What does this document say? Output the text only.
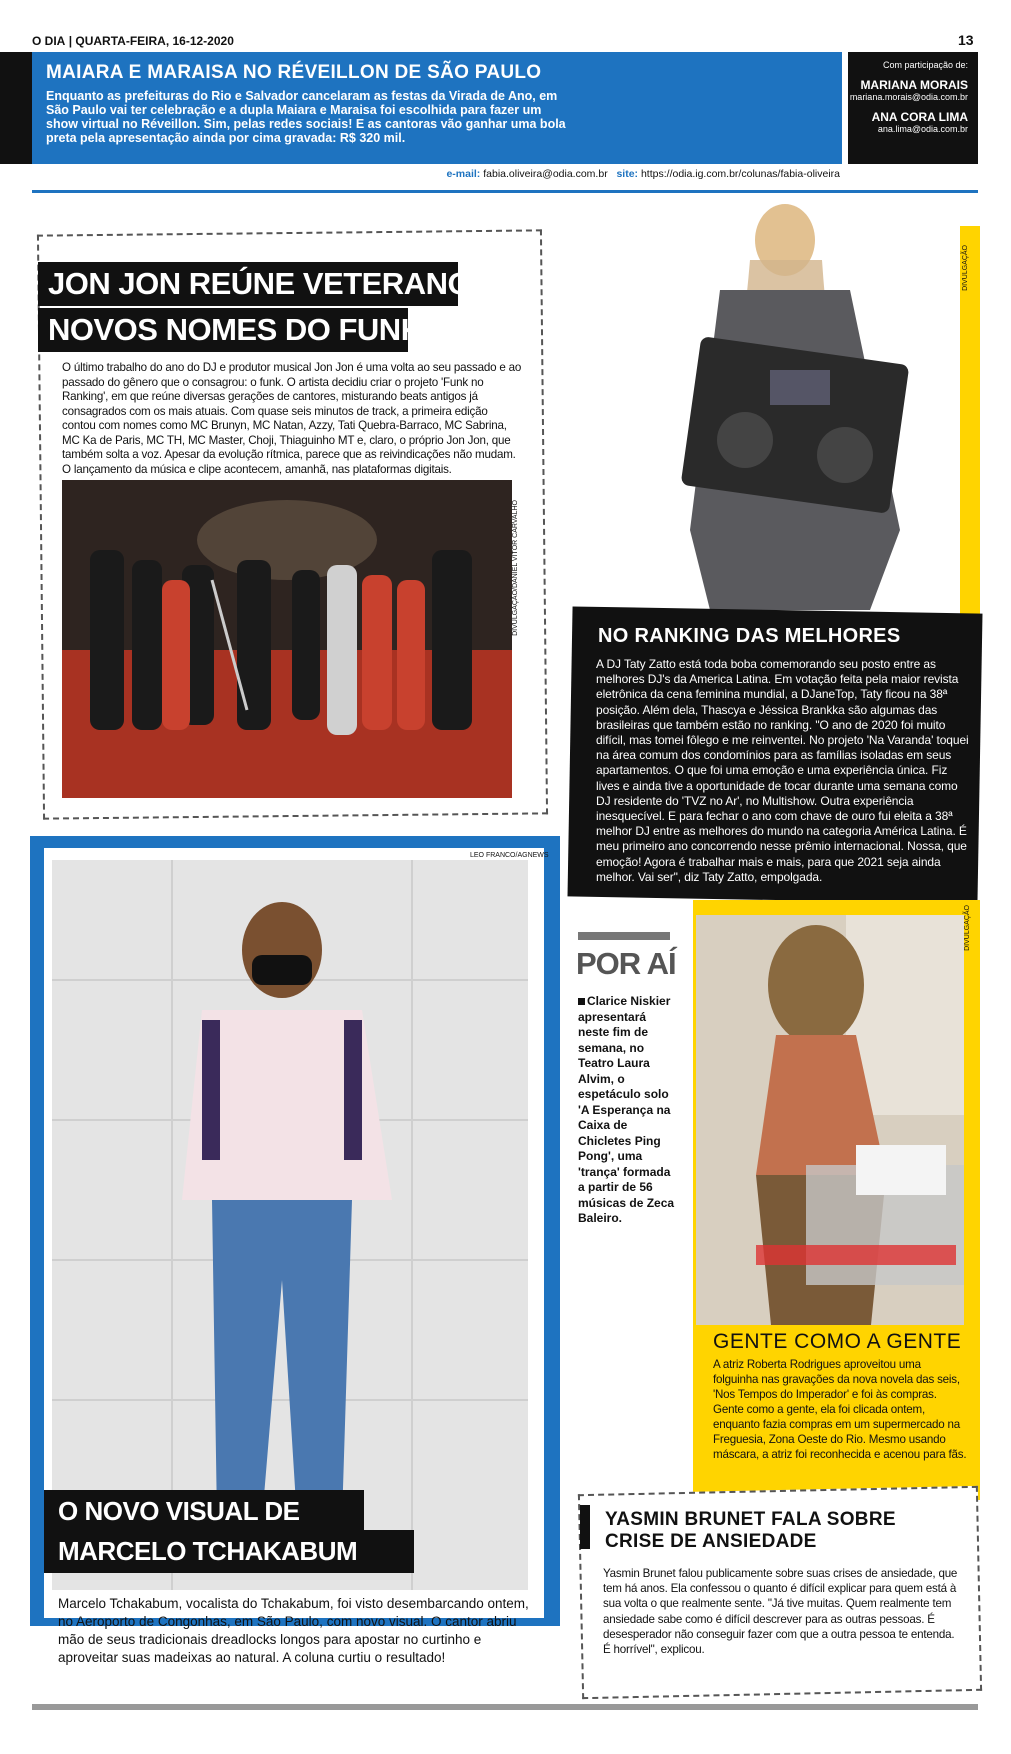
O DIA | QUARTA-FEIRA, 16-12-2020	13
MAIARA E MARAISA NO RÉVEILLON DE SÃO PAULO

Enquanto as prefeituras do Rio e Salvador cancelaram as festas da Virada de Ano, em São Paulo vai ter celebração e a dupla Maiara e Maraisa foi escolhida para fazer um show virtual no Réveillon. Sim, pelas redes sociais! E as cantoras vão ganhar uma bola preta pela apresentação ainda por cima gravada: R$ 320 mil.

Com participação de:
MARIANA MORAIS
mariana.morais@odia.com.br
ANA CORA LIMA
ana.lima@odia.com.br
e-mail: fabia.oliveira@odia.com.br site: https://odia.ig.com.br/colunas/fabia-oliveira
JON JON REÚNE VETERANOS E
NOVOS NOMES DO FUNK
O último trabalho do ano do DJ e produtor musical Jon Jon é uma volta ao seu passado e ao passado do gênero que o consagrou: o funk. O artista decidiu criar o projeto 'Funk no Ranking', em que reúne diversas gerações de cantores, misturando beats antigos já consagrados com os mais atuais. Com quase seis minutos de track, a primeira edição contou com nomes como MC Brunyn, MC Natan, Azzy, Tati Quebra-Barraco, MC Sabrina, MC Ka de Paris, MC TH, MC Master, Choji, Thiaguinho MT e, claro, o próprio Jon Jon, que também solta a voz. Apesar da evolução rítmica, parece que as reivindicações não mudam. O lançamento da música e clipe acontecem, amanhã, nas plataformas digitais.
DIVULGAÇÃO/DANIEL VITOR CARVALHO
DIVULGAÇÃO
NO RANKING DAS MELHORES
A DJ Taty Zatto está toda boba comemorando seu posto entre as melhores DJ's da America Latina. Em votação feita pela maior revista eletrônica da cena feminina mundial, a DJaneTop, Taty ficou na 38ª posição. Além dela, Thascya e Jéssica Brankka são algumas das brasileiras que também estão no ranking. "O ano de 2020 foi muito difícil, mas tomei fôlego e me reinventei. No projeto 'Na Varanda' toquei na área comum dos condomínios para as famílias isoladas em seus apartamentos. O que foi uma emoção e uma experiência única. Fiz lives e ainda tive a oportunidade de tocar durante uma semana como DJ residente do 'TVZ no Ar', no Multishow. Outra experiência inesquecível. E para fechar o ano com chave de ouro fui eleita a 38ª melhor DJ entre as melhores do mundo na categoria América Latina. É meu primeiro ano concorrendo nesse prêmio internacional. Nossa, que emoção! Agora é trabalhar mais e mais, para que 2021 seja ainda melhor. Vai ser", diz Taty Zatto, empolgada.
LEO FRANCO/AGNEWS
O NOVO VISUAL DE
MARCELO TCHAKABUM
Marcelo Tchakabum, vocalista do Tchakabum, foi visto desembarcando ontem, no Aeroporto de Congonhas, em São Paulo, com novo visual. O cantor abriu mão de seus tradicionais dreadlocks longos para apostar no curtinho e aproveitar suas madeixas ao natural. A coluna curtiu o resultado!
POR AÍ
Clarice Niskier apresentará neste fim de semana, no Teatro Laura Alvim, o espetáculo solo 'A Esperança na Caixa de Chicletes Ping Pong', uma 'trança' formada a partir de 56 músicas de Zeca Baleiro.
DIVULGAÇÃO
GENTE COMO A GENTE
A atriz Roberta Rodrigues aproveitou uma folguinha nas gravações da nova novela das seis, 'Nos Tempos do Imperador' e foi às compras. Gente como a gente, ela foi clicada ontem, enquanto fazia compras em um supermercado na Freguesia, Zona Oeste do Rio. Mesmo usando máscara, a atriz foi reconhecida e acenou para fãs.
YASMIN BRUNET FALA SOBRE CRISE DE ANSIEDADE
Yasmin Brunet falou publicamente sobre suas crises de ansiedade, que tem há anos. Ela confessou o quanto é difícil explicar para quem está à sua volta o que realmente sente. "Já tive muitas. Quem realmente tem ansiedade sabe como é difícil descrever para as outras pessoas. É desesperador não conseguir fazer com que a outra pessoa te entenda. É horrível", explicou.
